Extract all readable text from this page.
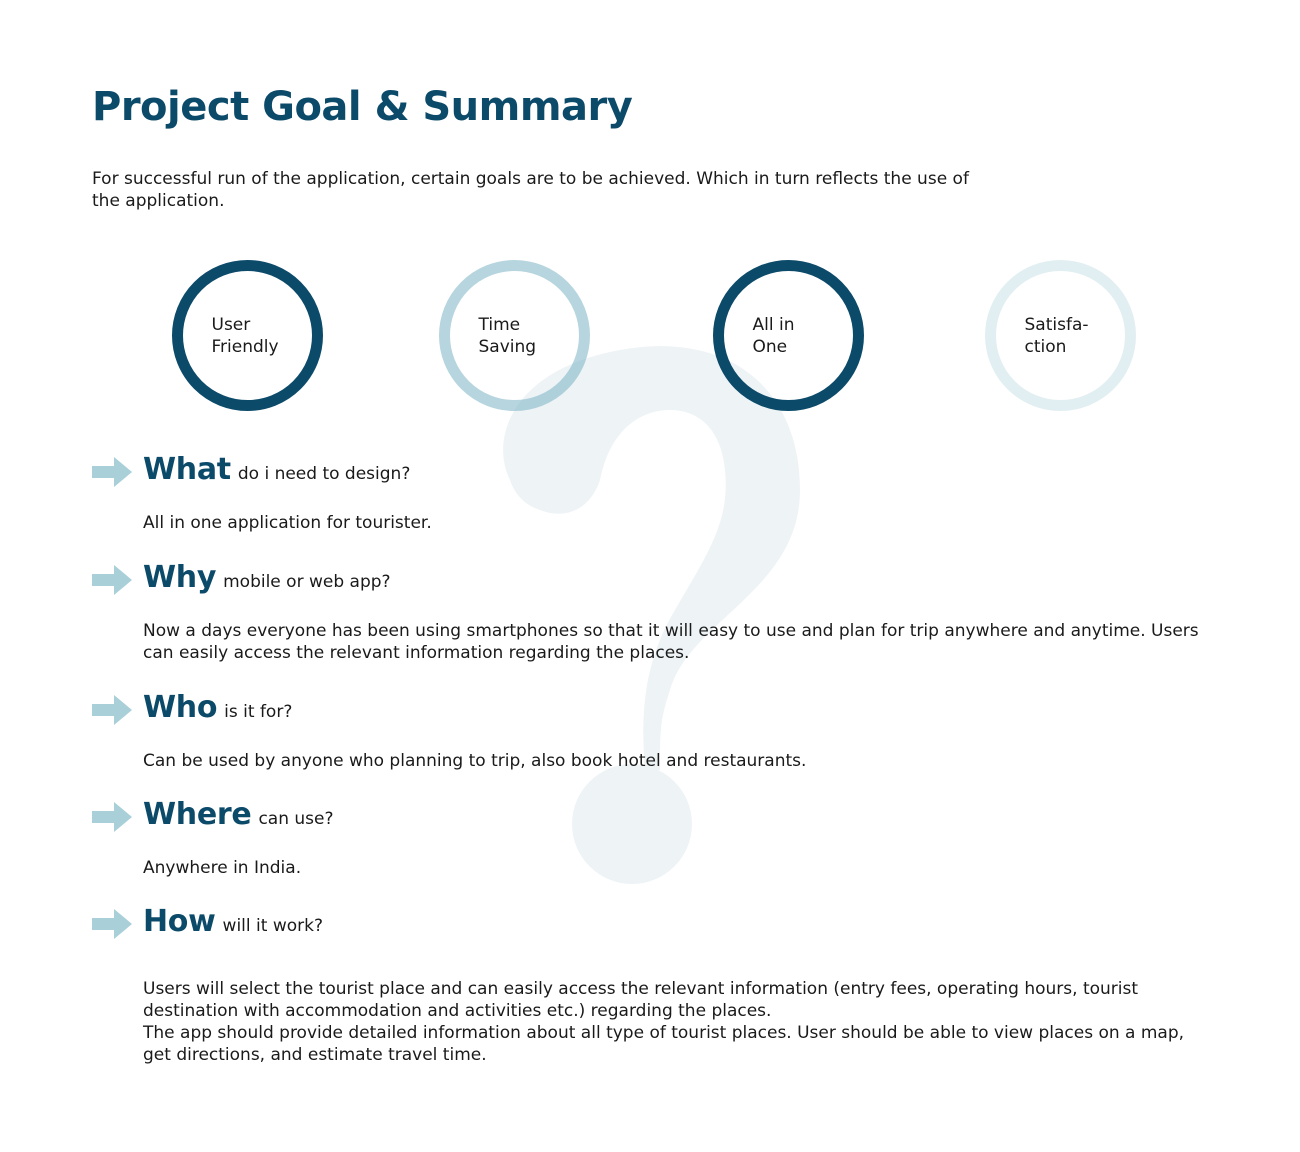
Project Goal & Summary

For successful run of the application, certain goals are to be achieved. Which in turn reflects the use of the application.

User Friendly
Time Saving
All in One
Satisfa- ction
What do i need to design?

All in one application for tourister.

Why mobile or web app?

Now a days everyone has been using smartphones so that it will easy to use and plan for trip anywhere and anytime. Users can easily access the relevant information regarding the places.

Who is it for?

Can be used by anyone who planning to trip, also book hotel and restaurants.

Where can use?

Anywhere in India.

How will it work?

Users will select the tourist place and can easily access the relevant information (entry fees, operating hours, tourist destination with accommodation and activities etc.) regarding the places.

The app should provide detailed information about all type of tourist places. User should be able to view places on a map, get directions, and estimate travel time.
